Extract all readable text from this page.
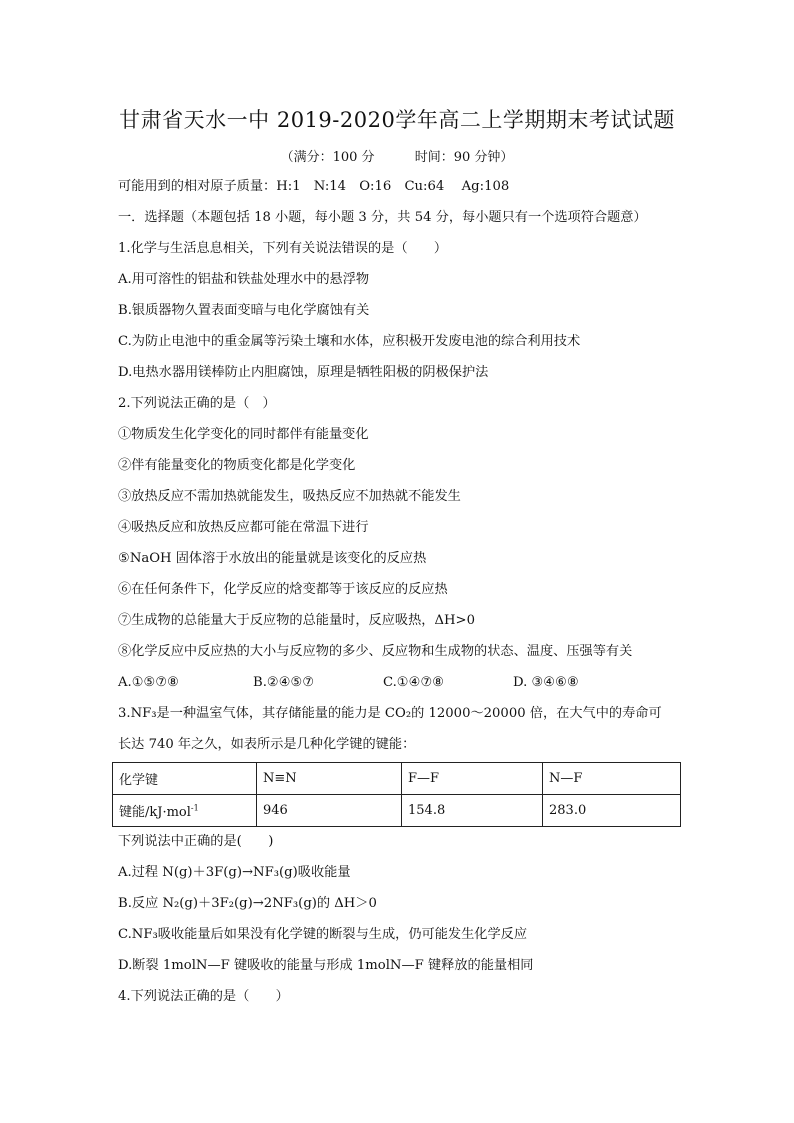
甘肃省天水一中 2019-2020学年高二上学期期末考试试题
（满分：100 分	时间：90 分钟）
可能用到的相对原子质量：H:1　N:14　O:16　Cu:64　 Ag:108
一．选择题（本题包括 18 小题，每小题 3 分，共 54 分，每小题只有一个选项符合题意）
1.化学与生活息息相关，下列有关说法错误的是（　　）
A.用可溶性的铝盐和铁盐处理水中的悬浮物
B.银质器物久置表面变暗与电化学腐蚀有关
C.为防止电池中的重金属等污染土壤和水体，应积极开发废电池的综合利用技术
D.电热水器用镁棒防止内胆腐蚀，原理是牺牲阳极的阴极保护法
2.下列说法正确的是（　）
①物质发生化学变化的同时都伴有能量变化
②伴有能量变化的物质变化都是化学变化
③放热反应不需加热就能发生，吸热反应不加热就不能发生
④吸热反应和放热反应都可能在常温下进行
⑤NaOH 固体溶于水放出的能量就是该变化的反应热
⑥在任何条件下，化学反应的焓变都等于该反应的反应热
⑦生成物的总能量大于反应物的总能量时，反应吸热，ΔH>0
⑧化学反应中反应热的大小与反应物的多少、反应物和生成物的状态、温度、压强等有关
A.①⑤⑦⑧	B.②④⑤⑦	C.①④⑦⑧	D. ③④⑥⑧
3.NF₃是一种温室气体，其存储能量的能力是 CO₂的 12000～20000 倍，在大气中的寿命可
长达 740 年之久，如表所示是几种化学键的键能：
化学键	N≡N	F—F	N—F
键能/kJ·mol$^{-1}$	946	154.8	283.0
下列说法中正确的是(　　)
A.过程 N(g)＋3F(g)→NF₃(g)吸收能量
B.反应 N₂(g)＋3F₂(g)→2NF₃(g)的 ΔH＞0
C.NF₃吸收能量后如果没有化学键的断裂与生成，仍可能发生化学反应
D.断裂 1molN—F 键吸收的能量与形成 1molN—F 键释放的能量相同
4.下列说法正确的是（　　）
